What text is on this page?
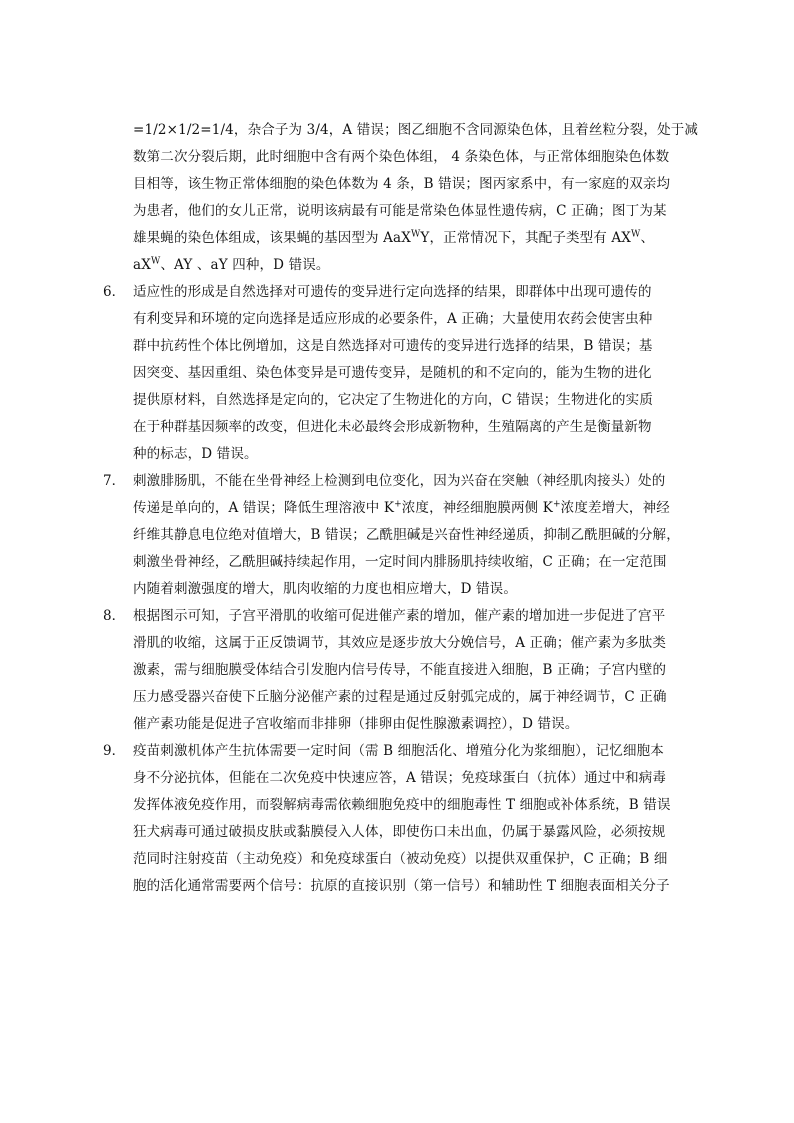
=1/2×1/2=1/4，杂合子为 3/4，A 错误；图乙细胞不含同源染色体，且着丝粒分裂，处于减
数第二次分裂后期，此时细胞中含有两个染色体组， 4 条染色体，与正常体细胞染色体数
目相等，该生物正常体细胞的染色体数为 4 条，B 错误；图丙家系中，有一家庭的双亲均
为患者，他们的女儿正常，说明该病最有可能是常染色体显性遗传病，C 正确；图丁为某
雄果蝇的染色体组成，该果蝇的基因型为 AaX$^W$Y，正常情况下，其配子类型有 $AX^W$、
$aX^W$、AY 、aY 四种，D 错误。
6． 适应性的形成是自然选择对可遗传的变异进行定向选择的结果，即群体中出现可遗传的
有利变异和环境的定向选择是适应形成的必要条件，A 正确；大量使用农药会使害虫种
群中抗药性个体比例增加，这是自然选择对可遗传的变异进行选择的结果，B 错误；基
因突变、基因重组、染色体变异是可遗传变异，是随机的和不定向的，能为生物的进化
提供原材料，自然选择是定向的，它决定了生物进化的方向，C 错误；生物进化的实质
在于种群基因频率的改变，但进化未必最终会形成新物种，生殖隔离的产生是衡量新物
种的标志，D 错误。
7． 刺激腓肠肌，不能在坐骨神经上检测到电位变化，因为兴奋在突触（神经肌肉接头）处的
传递是单向的，A 错误；降低生理溶液中 K+浓度，神经细胞膜两侧 K+浓度差增大，神经
纤维其静息电位绝对值增大，B 错误；乙酰胆碱是兴奋性神经递质，抑制乙酰胆碱的分解，
刺激坐骨神经，乙酰胆碱持续起作用，一定时间内腓肠肌持续收缩，C 正确；在一定范围
内随着刺激强度的增大，肌肉收缩的力度也相应增大，D 错误。
8． 根据图示可知，子宫平滑肌的收缩可促进催产素的增加，催产素的增加进一步促进了宫平
滑肌的收缩，这属于正反馈调节，其效应是逐步放大分娩信号，A 正确；催产素为多肽类
激素，需与细胞膜受体结合引发胞内信号传导，不能直接进入细胞，B 正确；子宫内壁的
压力感受器兴奋使下丘脑分泌催产素的过程是通过反射弧完成的，属于神经调节，C 正确
催产素功能是促进子宫收缩而非排卵（排卵由促性腺激素调控），D 错误。
9． 疫苗刺激机体产生抗体需要一定时间（需 B 细胞活化、增殖分化为浆细胞），记忆细胞本
身不分泌抗体，但能在二次免疫中快速应答，A 错误；免疫球蛋白（抗体）通过中和病毒
发挥体液免疫作用，而裂解病毒需依赖细胞免疫中的细胞毒性 T 细胞或补体系统，B 错误
狂犬病毒可通过破损皮肤或黏膜侵入人体，即使伤口未出血，仍属于暴露风险，必须按规
范同时注射疫苗（主动免疫）和免疫球蛋白（被动免疫）以提供双重保护，C 正确；B 细
胞的活化通常需要两个信号：抗原的直接识别（第一信号）和辅助性 T 细胞表面相关分子
